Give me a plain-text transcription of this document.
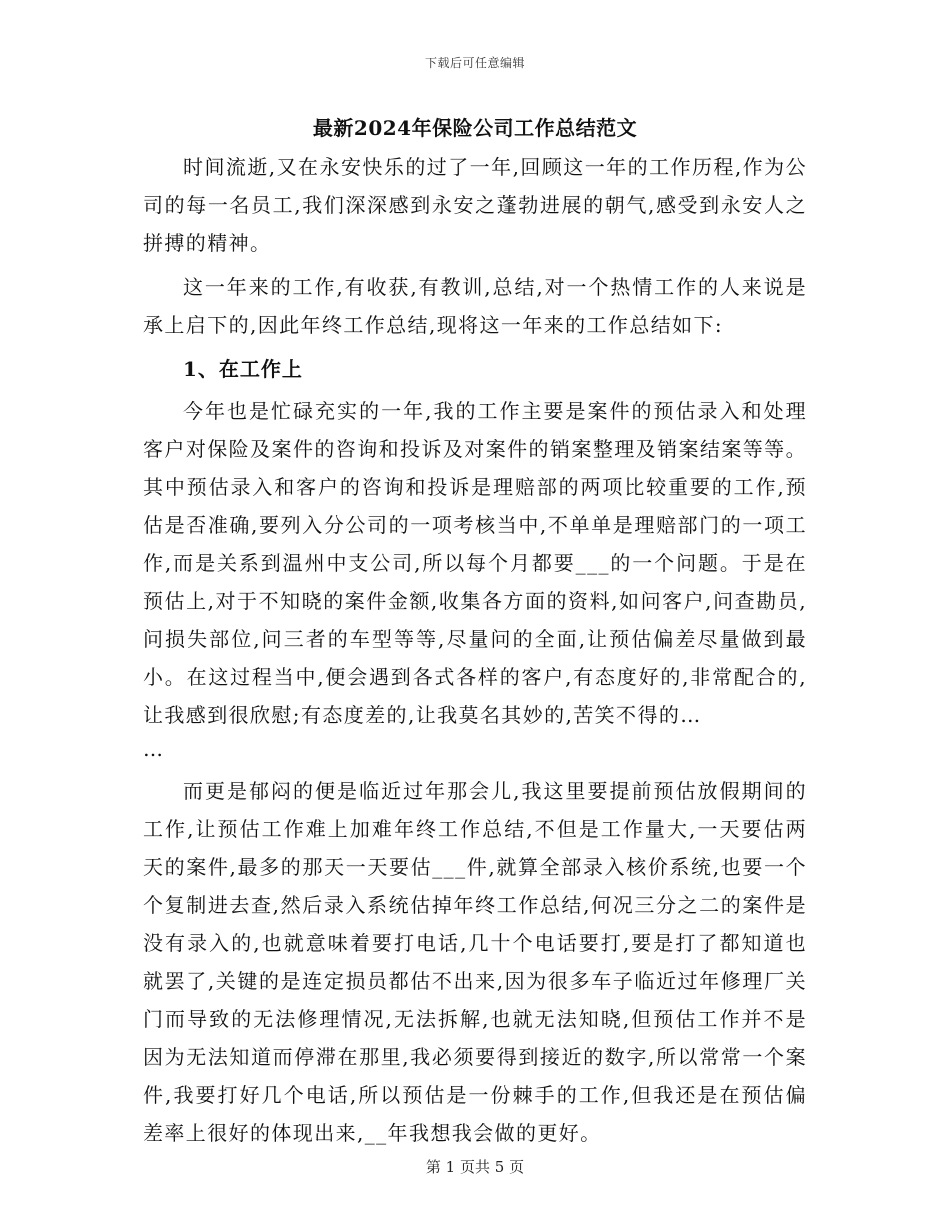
下载后可任意编辑
最新2024年保险公司工作总结范文

时间流逝,又在永安快乐的过了一年,回顾这一年的工作历程,作为公司的每一名员工,我们深深感到永安之蓬勃进展的朝气,感受到永安人之拼搏的精神。

这一年来的工作,有收获,有教训,总结,对一个热情工作的人来说是承上启下的,因此年终工作总结,现将这一年来的工作总结如下:

1、在工作上

今年也是忙碌充实的一年,我的工作主要是案件的预估录入和处理客户对保险及案件的咨询和投诉及对案件的销案整理及销案结案等等。其中预估录入和客户的咨询和投诉是理赔部的两项比较重要的工作,预估是否准确,要列入分公司的一项考核当中,不单单是理赔部门的一项工作,而是关系到温州中支公司,所以每个月都要___的一个问题。于是在预估上,对于不知晓的案件金额,收集各方面的资料,如问客户,问查勘员,问损失部位,问三者的车型等等,尽量问的全面,让预估偏差尽量做到最小。在这过程当中,便会遇到各式各样的客户,有态度好的,非常配合的,让我感到很欣慰;有态度差的,让我莫名其妙的,苦笑不得的…

…

而更是郁闷的便是临近过年那会儿,我这里要提前预估放假期间的工作,让预估工作难上加难年终工作总结,不但是工作量大,一天要估两天的案件,最多的那天一天要估___件,就算全部录入核价系统,也要一个个复制进去查,然后录入系统估掉年终工作总结,何况三分之二的案件是没有录入的,也就意味着要打电话,几十个电话要打,要是打了都知道也就罢了,关键的是连定损员都估不出来,因为很多车子临近过年修理厂关门而导致的无法修理情况,无法拆解,也就无法知晓,但预估工作并不是因为无法知道而停滞在那里,我必须要得到接近的数字,所以常常一个案件,我要打好几个电话,所以预估是一份棘手的工作,但我还是在预估偏差率上很好的体现出来,__年我想我会做的更好。

第 1 页共 5 页
